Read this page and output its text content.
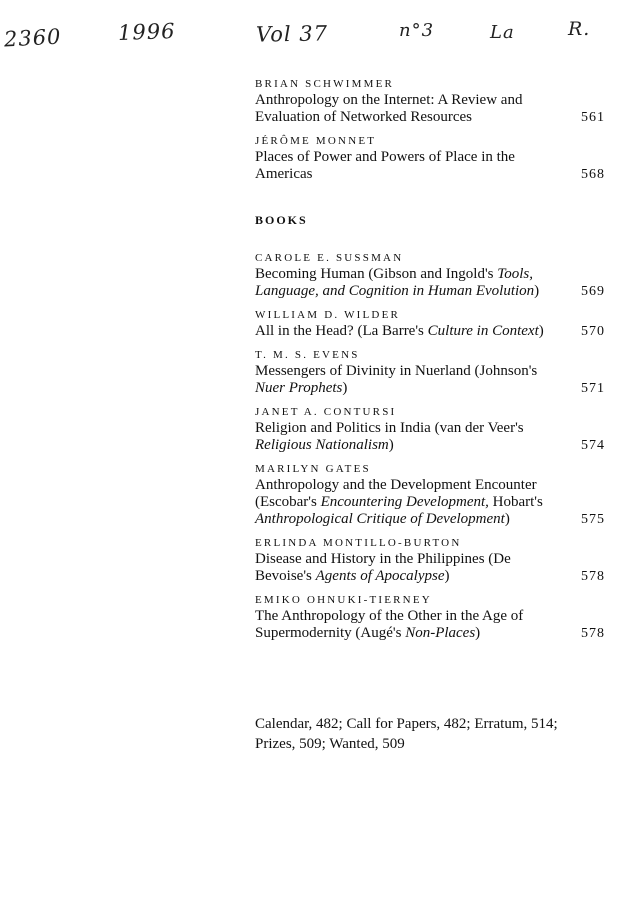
2360	1996	Vol 37	n°3	La	R.
BRIAN SCHWIMMER
Anthropology on the Internet: A Review and Evaluation of Networked Resources	561
JÉRÔME MONNET
Places of Power and Powers of Place in the Americas	568
BOOKS
CAROLE E. SUSSMAN
Becoming Human (Gibson and Ingold's Tools, Language, and Cognition in Human Evolution)	569
WILLIAM D. WILDER
All in the Head? (La Barre's Culture in Context)	570
T. M. S. EVENS
Messengers of Divinity in Nuerland (Johnson's Nuer Prophets)	571
JANET A. CONTURSI
Religion and Politics in India (van der Veer's Religious Nationalism)	574
MARILYN GATES
Anthropology and the Development Encounter (Escobar's Encountering Development, Hobart's Anthropological Critique of Development)	575
ERLINDA MONTILLO-BURTON
Disease and History in the Philippines (De Bevoise's Agents of Apocalypse)	578
EMIKO OHNUKI-TIERNEY
The Anthropology of the Other in the Age of Supermodernity (Augé's Non-Places)	578
Calendar, 482; Call for Papers, 482; Erratum, 514; Prizes, 509; Wanted, 509
